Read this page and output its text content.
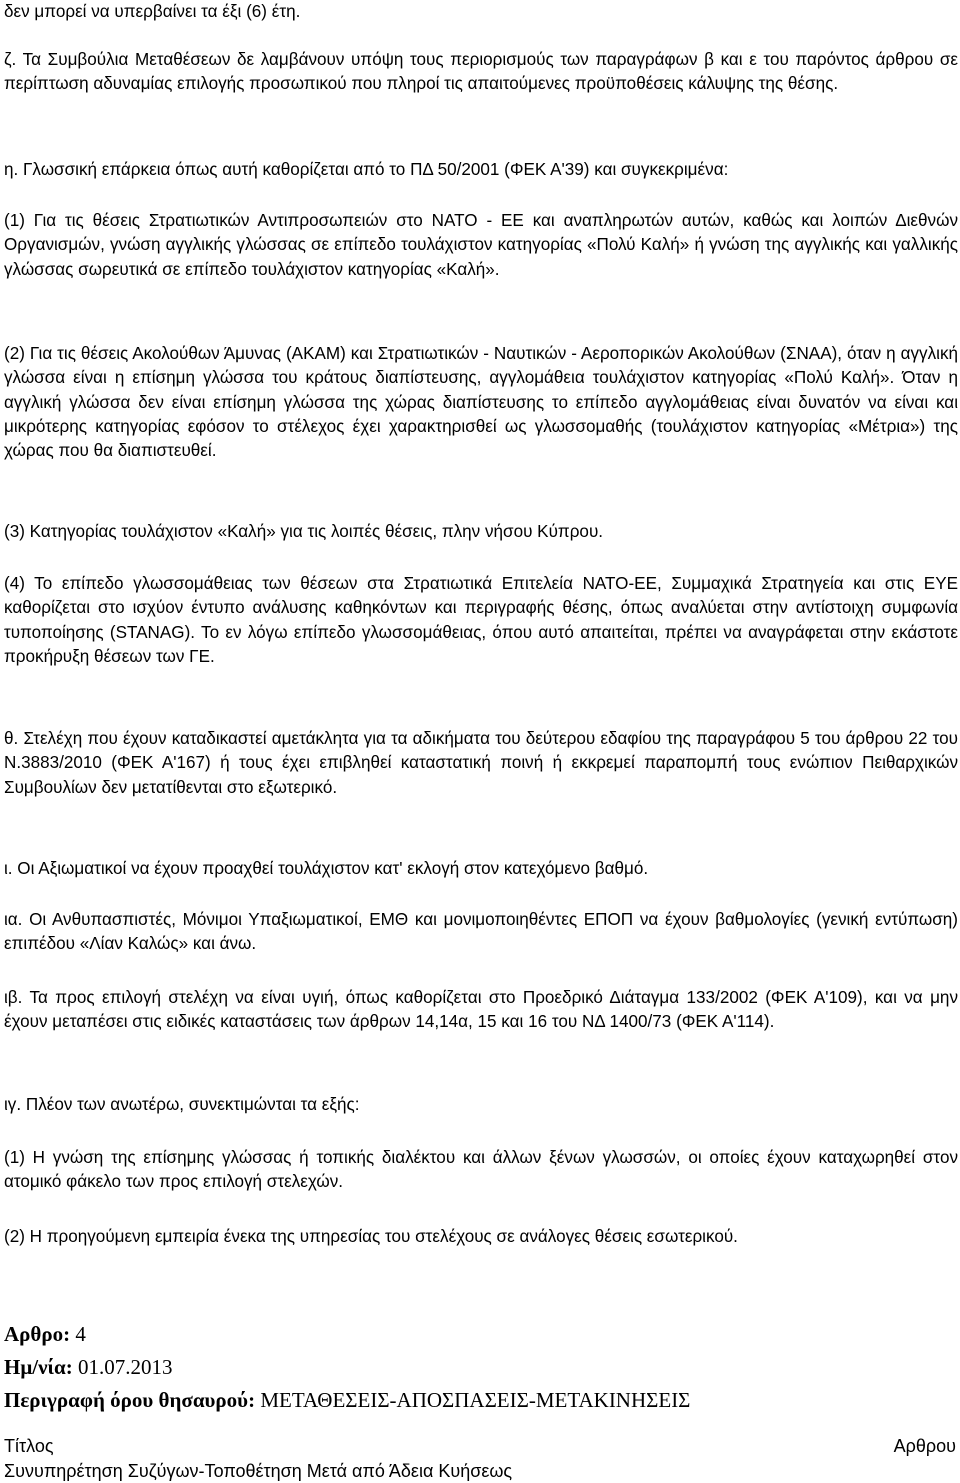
δεν μπορεί να υπερβαίνει τα έξι (6) έτη.

ζ. Τα Συμβούλια Μεταθέσεων δε λαμβάνουν υπόψη τους περιορισμούς των παραγράφων β και ε του παρόντος άρθρου σε περίπτωση αδυναμίας επιλογής προσωπικού που πληροί τις απαιτούμενες προϋποθέσεις κάλυψης της θέσης.

η. Γλωσσική επάρκεια όπως αυτή καθορίζεται από το ΠΔ 50/2001 (ΦΕΚ Α'39) και συγκεκριμένα:

(1) Για τις θέσεις Στρατιωτικών Αντιπροσωπειών στο ΝΑΤΟ - ΕΕ και αναπληρωτών αυτών, καθώς και λοιπών Διεθνών Οργανισμών, γνώση αγγλικής γλώσσας σε επίπεδο τουλάχιστον κατηγορίας «Πολύ Καλή» ή γνώση της αγγλικής και γαλλικής γλώσσας σωρευτικά σε επίπεδο τουλάχιστον κατηγορίας «Καλή».

(2) Για τις θέσεις Ακολούθων Άμυνας (ΑΚΑΜ) και Στρατιωτικών - Ναυτικών - Αεροπορικών Ακολούθων (ΣΝΑΑ), όταν η αγγλική γλώσσα είναι η επίσημη γλώσσα του κράτους διαπίστευσης, αγγλομάθεια τουλάχιστον κατηγορίας «Πολύ Καλή». Όταν η αγγλική γλώσσα δεν είναι επίσημη γλώσσα της χώρας διαπίστευσης το επίπεδο αγγλομάθειας είναι δυνατόν να είναι και μικρότερης κατηγορίας εφόσον το στέλεχος έχει χαρακτηρισθεί ως γλωσσομαθής (τουλάχιστον κατηγορίας «Μέτρια») της χώρας που θα διαπιστευθεί.

(3) Κατηγορίας τουλάχιστον «Καλή» για τις λοιπές θέσεις, πλην νήσου Κύπρου.

(4) Το επίπεδο γλωσσομάθειας των θέσεων στα Στρατιωτικά Επιτελεία ΝΑΤΟ-ΕΕ, Συμμαχικά Στρατηγεία και στις ΕΥΕ καθορίζεται στο ισχύον έντυπο ανάλυσης καθηκόντων και περιγραφής θέσης, όπως αναλύεται στην αντίστοιχη συμφωνία τυποποίησης (STANAG). Το εν λόγω επίπεδο γλωσσομάθειας, όπου αυτό απαιτείται, πρέπει να αναγράφεται στην εκάστοτε προκήρυξη θέσεων των ΓΕ.

θ. Στελέχη που έχουν καταδικαστεί αμετάκλητα για τα αδικήματα του δεύτερου εδαφίου της παραγράφου 5 του άρθρου 22 του Ν.3883/2010 (ΦΕΚ Α'167) ή τους έχει επιβληθεί καταστατική ποινή ή εκκρεμεί παραπομπή τους ενώπιον Πειθαρχικών Συμβουλίων δεν μετατίθενται στο εξωτερικό.

ι. Οι Αξιωματικοί να έχουν προαχθεί τουλάχιστον κατ' εκλογή στον κατεχόμενο βαθμό.

ια. Οι Ανθυπασπιστές, Μόνιμοι Υπαξιωματικοί, ΕΜΘ και μονιμοποιηθέντες ΕΠΟΠ να έχουν βαθμολογίες (γενική εντύπωση) επιπέδου «Λίαν Καλώς» και άνω.

ιβ. Τα προς επιλογή στελέχη να είναι υγιή, όπως καθορίζεται στο Προεδρικό Διάταγμα 133/2002 (ΦΕΚ Α'109), και να μην έχουν μεταπέσει στις ειδικές καταστάσεις των άρθρων 14,14α, 15 και 16 του ΝΔ 1400/73 (ΦΕΚ Α'114).

ιγ. Πλέον των ανωτέρω, συνεκτιμώνται τα εξής:

(1) Η γνώση της επίσημης γλώσσας ή τοπικής διαλέκτου και άλλων ξένων γλωσσών, οι οποίες έχουν καταχωρηθεί στον ατομικό φάκελο των προς επιλογή στελεχών.

(2) Η προηγούμενη εμπειρία ένεκα της υπηρεσίας του στελέχους σε ανάλογες θέσεις εσωτερικού.

Αρθρο: 4
Ημ/νία: 01.07.2013
Περιγραφή όρου θησαυρού: ΜΕΤΑΘΕΣΕΙΣ-ΑΠΟΣΠΑΣΕΙΣ-ΜΕΤΑΚΙΝΗΣΕΙΣ
Τίτλος	Αρθρου
Συνυπηρέτηση Συζύγων-Τοποθέτηση Μετά από Άδεια Κυήσεως
